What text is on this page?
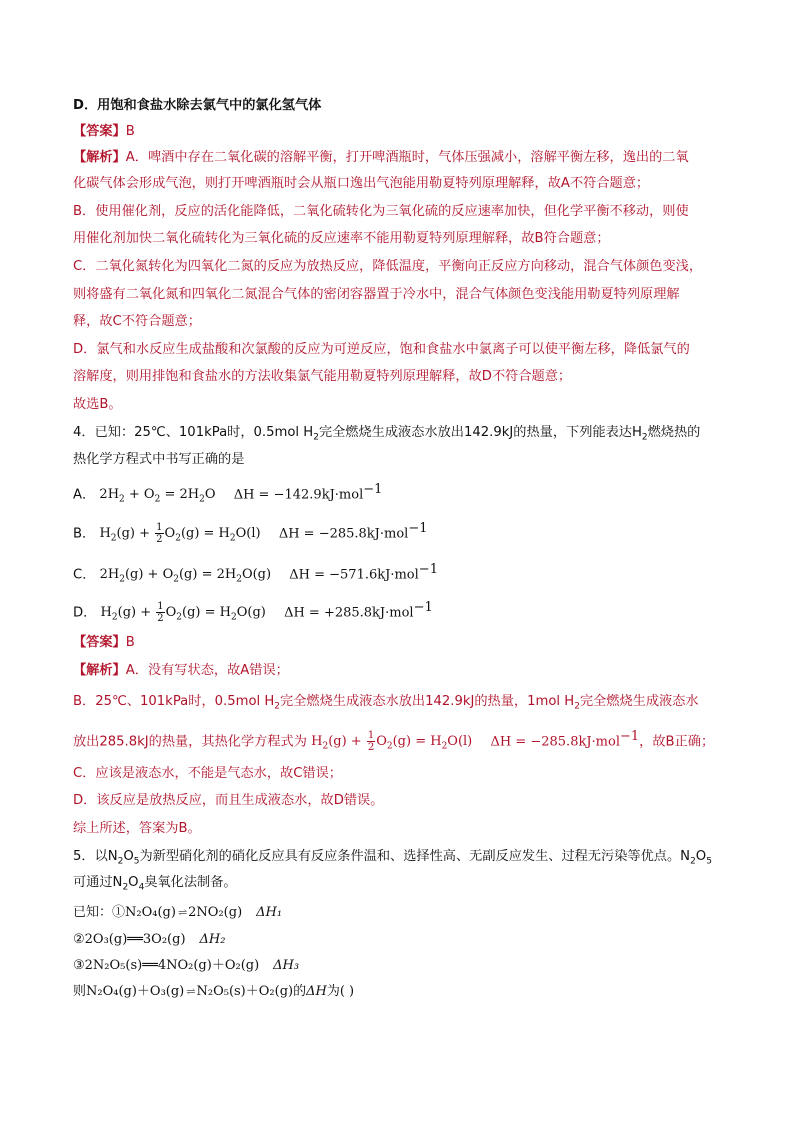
D．用饱和食盐水除去氯气中的氯化氢气体
【答案】B
【解析】A．啤酒中存在二氧化碳的溶解平衡，打开啤酒瓶时，气体压强减小，溶解平衡左移，逸出的二氧
化碳气体会形成气泡，则打开啤酒瓶时会从瓶口逸出气泡能用勒夏特列原理解释，故A不符合题意；
B．使用催化剂，反应的活化能降低，二氧化硫转化为三氧化硫的反应速率加快，但化学平衡不移动，则使
用催化剂加快二氧化硫转化为三氧化硫的反应速率不能用勒夏特列原理解释，故B符合题意；
C．二氧化氮转化为四氧化二氮的反应为放热反应，降低温度，平衡向正反应方向移动，混合气体颜色变浅，
则将盛有二氧化氮和四氧化二氮混合气体的密闭容器置于冷水中，混合气体颜色变浅能用勒夏特列原理解
释，故C不符合题意；
D．氯气和水反应生成盐酸和次氯酸的反应为可逆反应，饱和食盐水中氯离子可以使平衡左移，降低氯气的
溶解度，则用排饱和食盐水的方法收集氯气能用勒夏特列原理解释，故D不符合题意；
故选B。
4．已知：25℃、101kPa时，0.5mol $H_2$完全燃烧生成液态水放出142.9kJ的热量，下列能表达$H_2$燃烧热的
热化学方程式中书写正确的是
A． $2H_2 + O_2 = 2H_2O$ ΔH = −142.9kJ·mol$^{-1}$
B． $H_2(g) + \frac{1}{2} O_2(g) = H_2O(l) \Delta H = -285.8kJ\cdot mol^{-1}$
C． $2H_2(g) + O_2(g) = 2H_2O(g) \Delta H = -571.6kJ\cdot mol^{-1}$
D． $H_2(g) + \frac{1}{2} O_2(g) = H_2O(g) \Delta H = +285.8kJ\cdot mol^{-1}$
【答案】B
【解析】A．没有写状态，故A错误；
B．25℃、101kPa时，0.5mol $H_2$完全燃烧生成液态水放出142.9kJ的热量，1mol $H_2$完全燃烧生成液态水
放出285.8kJ的热量，其热化学方程式为 $H_2(g) + \frac{1}{2} O_2(g) = H_2O(l) \Delta H = -285.8kJ\cdot mol^{-1}$，故B正确；
C．应该是液态水，不能是气态水，故C错误；
D．该反应是放热反应，而且生成液态水，故D错误。
综上所述，答案为B。
5．以$N_2O_5$为新型硝化剂的硝化反应具有反应条件温和、选择性高、无副反应发生、过程无污染等优点。$N_2O_5$
可通过$N_2O_4$臭氧化法制备。
已知：①N₂O₄(g) ⇌ 2NO₂(g) ΔH₁
②2O₃(g)══3O₂(g) ΔH₂
③2N₂O₅(s)══4NO₂(g)＋O₂(g) ΔH₃
则N₂O₄(g)＋O₃(g) ⇌ N₂O₅(s)＋O₂(g)的ΔH为( )
